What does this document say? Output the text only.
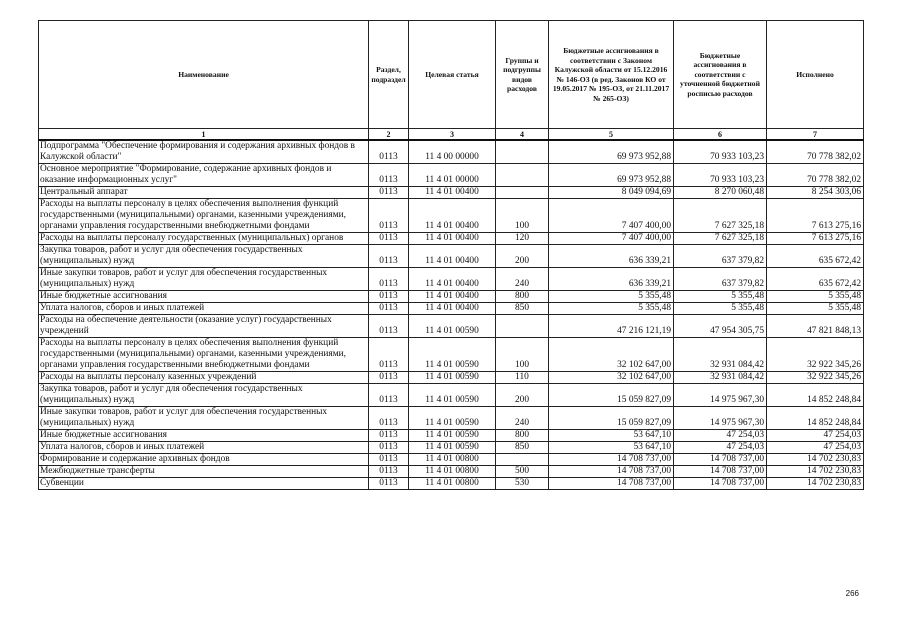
Наименование	Раздел, подраздел	Целевая статья	Группы и подгруппы видов расходов	Бюджетные ассигнования в соответствии с Законом Калужской области от 15.12.2016 № 146-ОЗ (в ред. Законов КО от 19.05.2017 № 195-ОЗ, от 21.11.2017 № 265-ОЗ)	Бюджетные ассигнования в соответствии с уточненной бюджетной росписью расходов	Исполнено
1	2	3	4	5	6	7
Подпрограмма "Обеспечение формирования и содержания архивных фондов в Калужской области"	0113	11 4 00 00000		69 973 952,88	70 933 103,23	70 778 382,02
Основное мероприятие "Формирование, содержание архивных фондов и оказание информационных услуг"	0113	11 4 01 00000		69 973 952,88	70 933 103,23	70 778 382,02
Центральный аппарат	0113	11 4 01 00400		8 049 094,69	8 270 060,48	8 254 303,06
Расходы на выплаты персоналу в целях обеспечения выполнения функций государственными (муниципальными) органами, казенными учреждениями, органами управления государственными внебюджетными фондами	0113	11 4 01 00400	100	7 407 400,00	7 627 325,18	7 613 275,16
Расходы на выплаты персоналу государственных (муниципальных) органов	0113	11 4 01 00400	120	7 407 400,00	7 627 325,18	7 613 275,16
Закупка товаров, работ и услуг для обеспечения государственных (муниципальных) нужд	0113	11 4 01 00400	200	636 339,21	637 379,82	635 672,42
Иные закупки товаров, работ и услуг для обеспечения государственных (муниципальных) нужд	0113	11 4 01 00400	240	636 339,21	637 379,82	635 672,42
Иные бюджетные ассигнования	0113	11 4 01 00400	800	5 355,48	5 355,48	5 355,48
Уплата налогов, сборов и иных платежей	0113	11 4 01 00400	850	5 355,48	5 355,48	5 355,48
Расходы на обеспечение деятельности (оказание услуг) государственных учреждений	0113	11 4 01 00590		47 216 121,19	47 954 305,75	47 821 848,13
Расходы на выплаты персоналу в целях обеспечения выполнения функций государственными (муниципальными) органами, казенными учреждениями, органами управления государственными внебюджетными фондами	0113	11 4 01 00590	100	32 102 647,00	32 931 084,42	32 922 345,26
Расходы на выплаты персоналу казенных учреждений	0113	11 4 01 00590	110	32 102 647,00	32 931 084,42	32 922 345,26
Закупка товаров, работ и услуг для обеспечения государственных (муниципальных) нужд	0113	11 4 01 00590	200	15 059 827,09	14 975 967,30	14 852 248,84
Иные закупки товаров, работ и услуг для обеспечения государственных (муниципальных) нужд	0113	11 4 01 00590	240	15 059 827,09	14 975 967,30	14 852 248,84
Иные бюджетные ассигнования	0113	11 4 01 00590	800	53 647,10	47 254,03	47 254,03
Уплата налогов, сборов и иных платежей	0113	11 4 01 00590	850	53 647,10	47 254,03	47 254,03
Формирование и содержание архивных фондов	0113	11 4 01 00800		14 708 737,00	14 708 737,00	14 702 230,83
Межбюджетные трансферты	0113	11 4 01 00800	500	14 708 737,00	14 708 737,00	14 702 230,83
Субвенции	0113	11 4 01 00800	530	14 708 737,00	14 708 737,00	14 702 230,83
266
